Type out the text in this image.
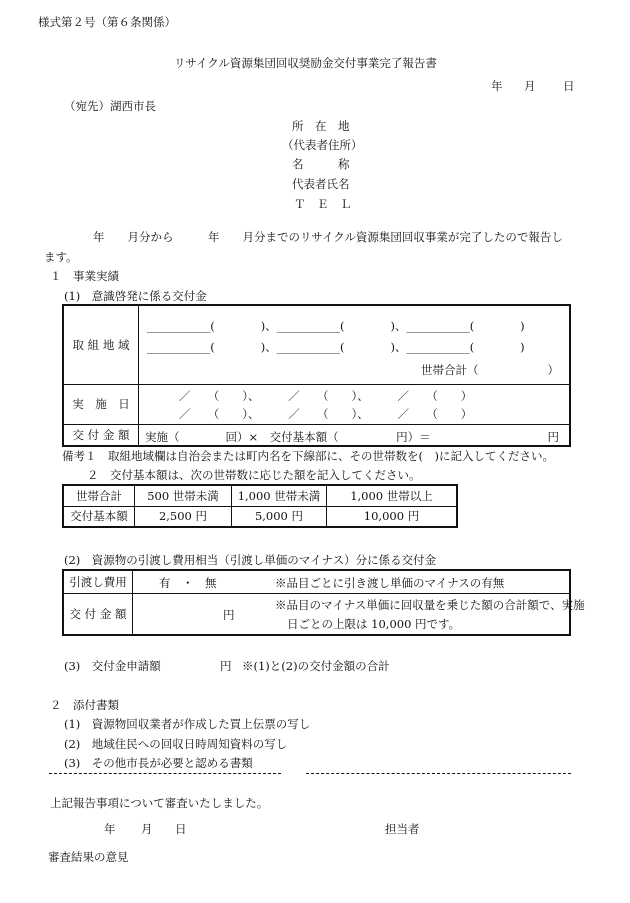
様式第２号（第６条関係）
リサイクル資源集団回収奨励金交付事業完了報告書
年 月 日
（宛先）湖西市長
所　在　地
（代表者住所）
名　　　称
代表者氏名
Ｔ　Ｅ　Ｌ
年　　月分から　　　年　　月分までのリサイクル資源集団回収事業が完了したので報告し
ます。
１　事業実績
(1)　意識啓発に係る交付金
取 組 地 域	___________(　　　　)、___________(　　　　)、___________(　　　　)
___________(　　　　)、___________(　　　　)、___________(　　　　)
世帯合計（　　　　　　）

実　施　日	／　　（　　）、　　　／　　（　　）、　　　／　　（　　）
／　　（　　）、　　　／　　（　　）、　　　／　　（　　）

交 付 金 額	実施（　　　　回）×　交付基本額（　　　　　円）＝ 円
備考１　取組地域欄は自治会または町内名を下線部に、その世帯数を(　)に記入してください。
２　交付基本額は、次の世帯数に応じた額を記入してください。
世帯合計	500 世帯未満	1,000 世帯未満	1,000 世帯以上
交付基本額	2,500 円	5,000 円	10,000 円
(2)　資源物の引渡し費用相当（引渡し単価のマイナス）分に係る交付金
引渡し費用	有　・　無 ※品目ごとに引き渡し単価のマイナスの有無

交 付 金 額	円
※品目のマイナス単価に回収量を乗じた額の合計額で、実施
日ごとの上限は 10,000 円です。
(3)　交付金申請額	円 ※(1)と(2)の交付金額の合計
２　添付書類
(1)　資源物回収業者が作成した買上伝票の写し
(2)　地域住民への回収日時周知資料の写し
(3)　その他市長が必要と認める書類
上記報告事項について審査いたしました。
年 月 日	担当者
審査結果の意見
